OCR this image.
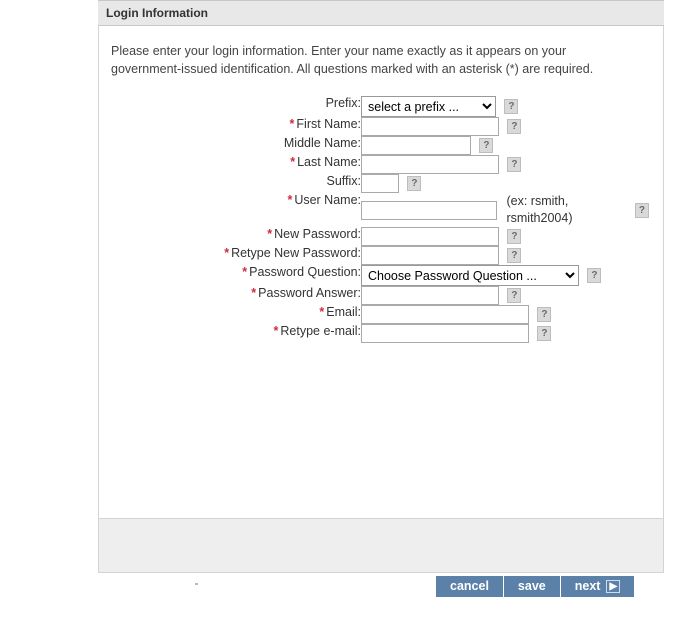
Login Information

Please enter your login information. Enter your name exactly as it appears on your government-issued identification. All questions marked with an asterisk (*) are required.

Prefix:	
select a prefix ...?
* First Name:	?
Middle Name:	?
* Last Name:	?
Suffix:	?
* User Name:	(ex: rsmith, rsmith2004) ?
* New Password:	?
* Retype New Password:	?
* Password Question:	
Choose Password Question ...?
* Password Answer:	?
* Email:	?
* Retype e-mail:	?
cancel	save	next ▶
